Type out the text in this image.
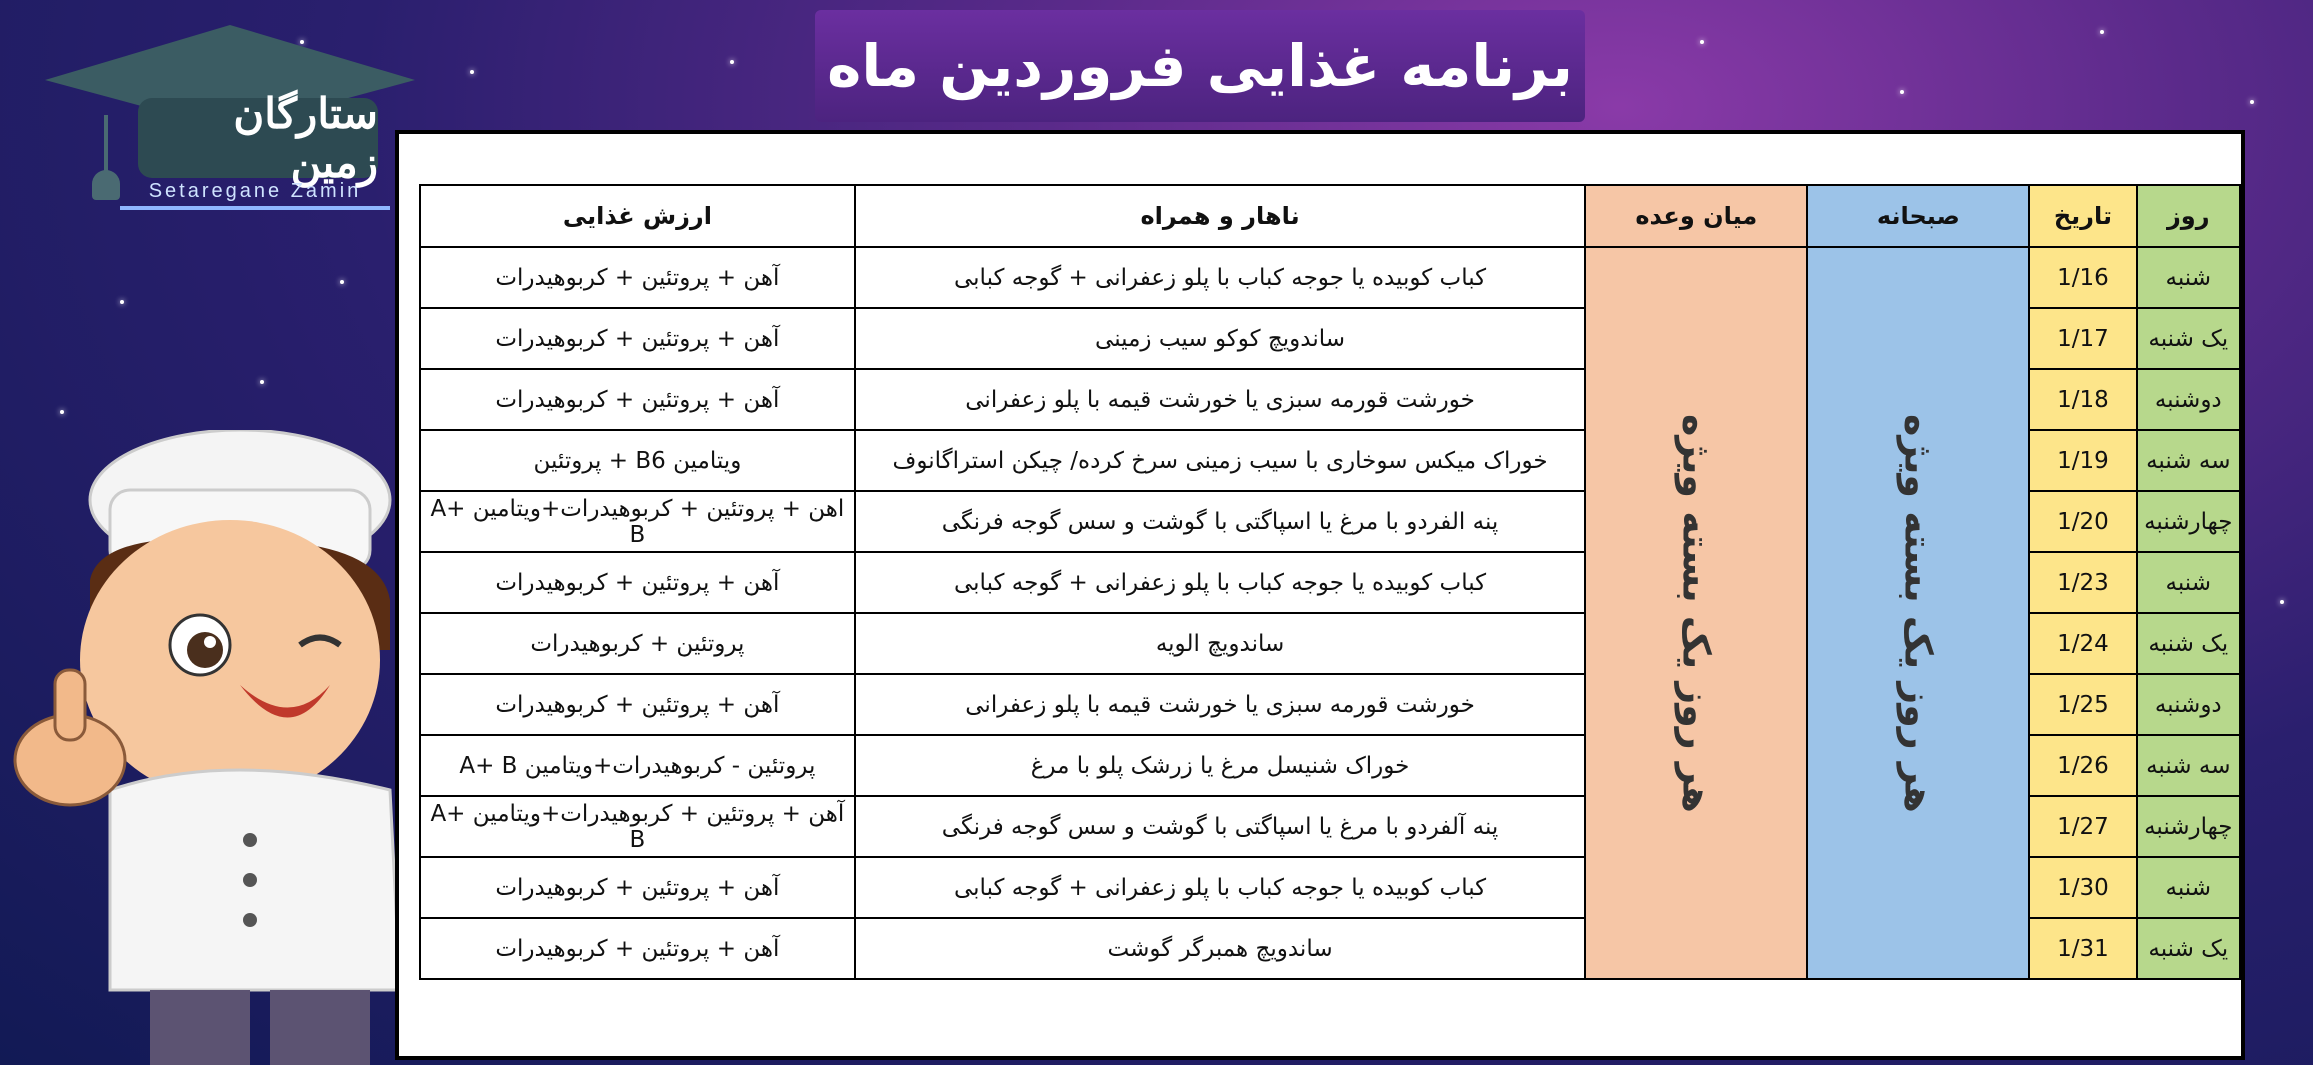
ستارگان زمین
Setaregane Zamin
برنامه غذایی فروردین ماه
روز	تاریخ	صبحانه	میان وعده	ناهار و همراه	ارزش غذایی
شنبه	1/16	هر روز یک بسته ویژه	هر روز یک بسته ویژه	کباب کوبیده یا جوجه کباب با پلو زعفرانی + گوجه کبابی	آهن + پروتئین + کربوهیدرات
یک شنبه	1/17			ساندویچ کوکو سیب زمینی	آهن + پروتئین + کربوهیدرات
دوشنبه	1/18			خورشت قورمه سبزی یا خورشت قیمه با پلو زعفرانی	آهن + پروتئین + کربوهیدرات
سه شنبه	1/19			خوراک میکس سوخاری با سیب زمینی سرخ کرده/ چیکن استراگانوف	ویتامین B6 + پروتئین
چهارشنبه	1/20			پنه الفردو با مرغ یا اسپاگتی با گوشت و سس گوجه فرنگی	اهن + پروتئین + کربوهیدرات+ویتامین A+ B
شنبه	1/23			کباب کوبیده یا جوجه کباب با پلو زعفرانی + گوجه کبابی	آهن + پروتئین + کربوهیدرات
یک شنبه	1/24			ساندویچ الویه	پروتئین + کربوهیدرات
دوشنبه	1/25			خورشت قورمه سبزی یا خورشت قیمه با پلو زعفرانی	آهن + پروتئین + کربوهیدرات
سه شنبه	1/26			خوراک شنیسل مرغ یا زرشک پلو با مرغ	پروتئین - کربوهیدرات+ویتامین A+ B
چهارشنبه	1/27			پنه آلفردو با مرغ یا اسپاگتی با گوشت و سس گوجه فرنگی	آهن + پروتئین + کربوهیدرات+ویتامین A+ B
شنبه	1/30			کباب کوبیده یا جوجه کباب با پلو زعفرانی + گوجه کبابی	آهن + پروتئین + کربوهیدرات
یک شنبه	1/31			ساندویچ همبرگر گوشت	آهن + پروتئین + کربوهیدرات
